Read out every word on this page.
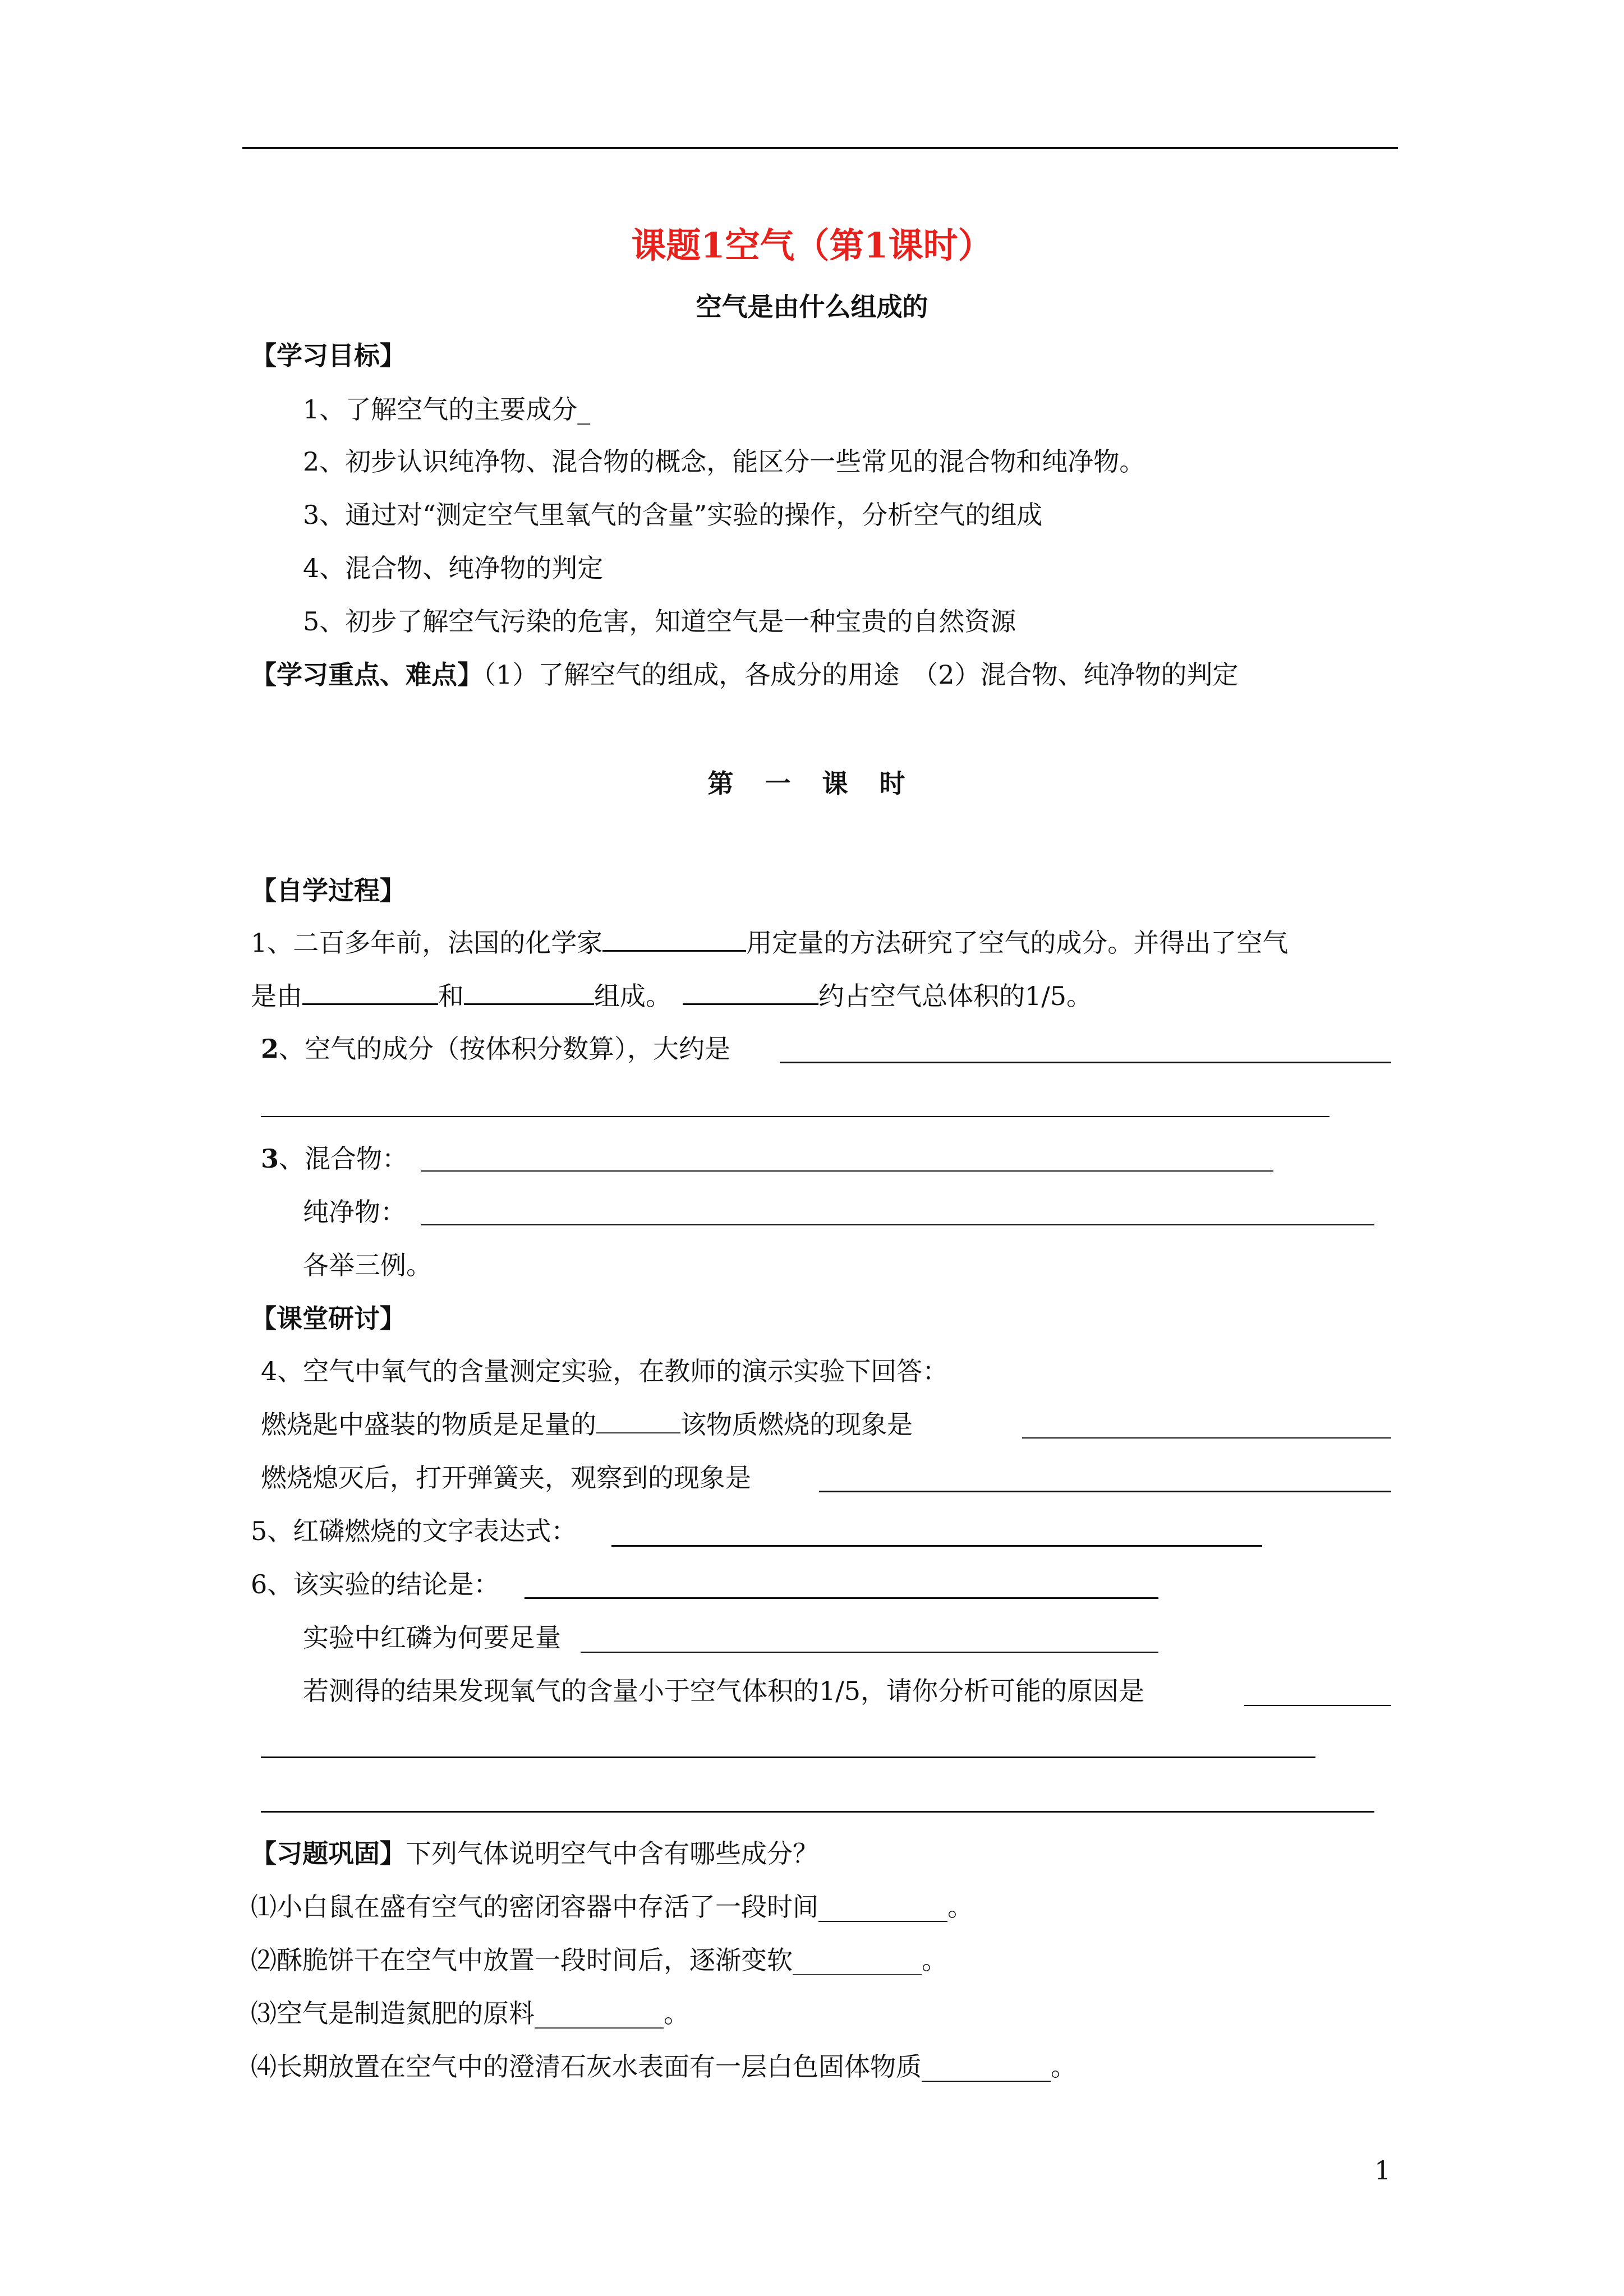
课题1空气（第1课时）
空气是由什么组成的
【学习目标】
1、了解空气的主要成分_
2、初步认识纯净物、混合物的概念，能区分一些常见的混合物和纯净物。
3、通过对“测定空气里氧气的含量”实验的操作，分析空气的组成
4、混合物、纯净物的判定
5、初步了解空气污染的危害，知道空气是一种宝贵的自然资源
【学习重点、难点】（1）了解空气的组成，各成分的用途　（2）混合物、纯净物的判定
第 一 课 时
【自学过程】
1、二百多年前，法国的化学家	用定量的方法研究了空气的成分。并得出了空气
是由	和	组成。	约占空气总体积的1/5。
2、空气的成分（按体积分数算），大约是
3、混合物：
纯净物：
各举三例。
【课堂研讨】
4、空气中氧气的含量测定实验，在教师的演示实验下回答：
燃烧匙中盛装的物质是足量的	该物质燃烧的现象是
燃烧熄灭后，打开弹簧夹，观察到的现象是
5、红磷燃烧的文字表达式：
6、该实验的结论是：
实验中红磷为何要足量
若测得的结果发现氧气的含量小于空气体积的1/5，请你分析可能的原因是
【习题巩固】下列气体说明空气中含有哪些成分？
⑴小白鼠在盛有空气的密闭容器中存活了一段时间__________。
⑵酥脆饼干在空气中放置一段时间后，逐渐变软__________。
⑶空气是制造氮肥的原料__________。
⑷长期放置在空气中的澄清石灰水表面有一层白色固体物质__________。
1
